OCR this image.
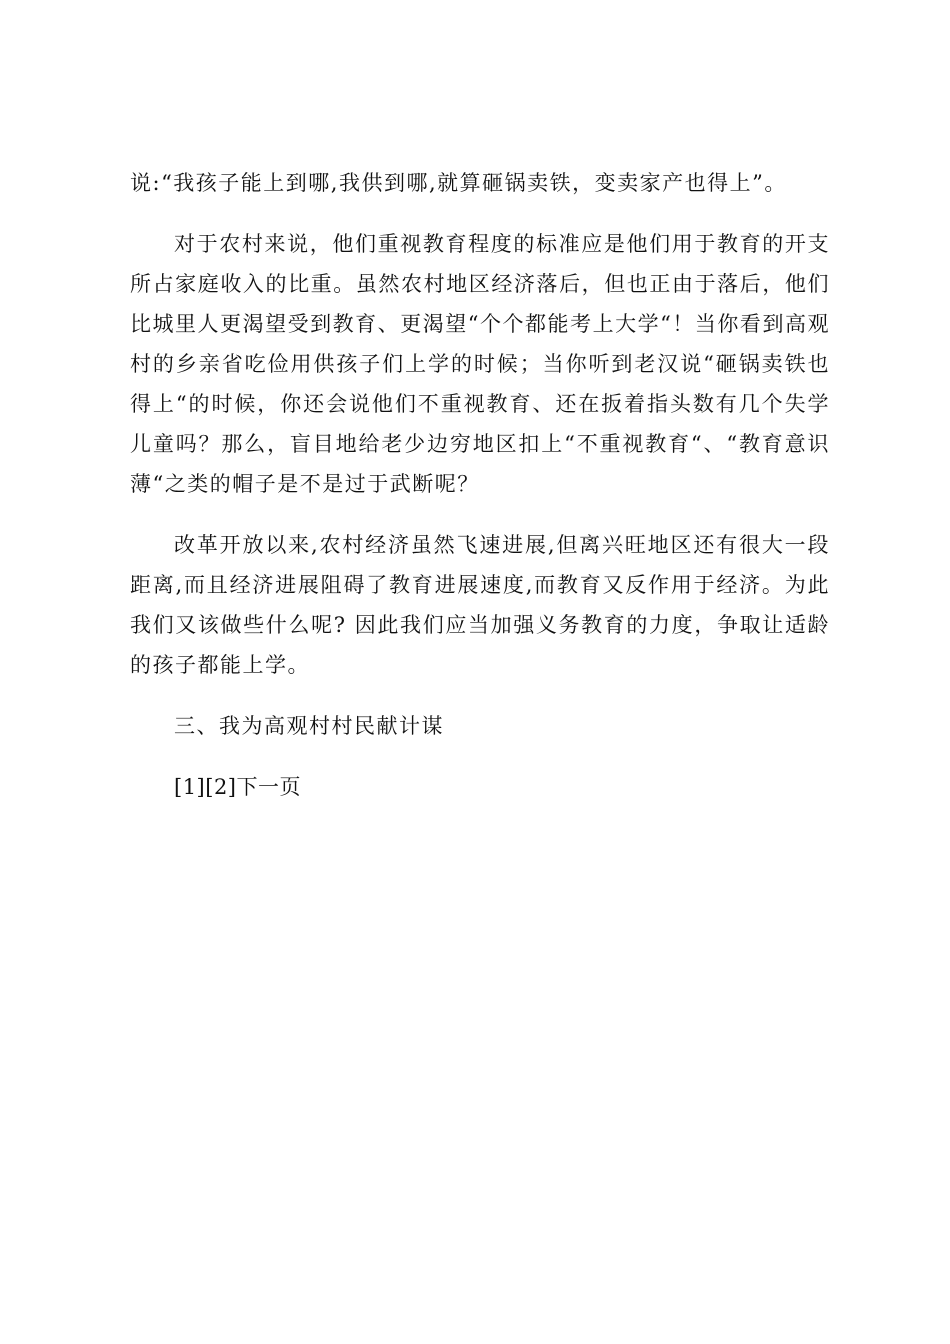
说:“我孩子能上到哪,我供到哪,就算砸锅卖铁，变卖家产也得上”。

对于农村来说，他们重视教育程度的标准应是他们用于教育的开支所占家庭收入的比重。虽然农村地区经济落后，但也正由于落后，他们比城里人更渴望受到教育、更渴望“个个都能考上大学“！当你看到高观村的乡亲省吃俭用供孩子们上学的时候；当你听到老汉说“砸锅卖铁也得上“的时候，你还会说他们不重视教育、还在扳着指头数有几个失学儿童吗？那么，盲目地给老少边穷地区扣上“不重视教育“、“教育意识薄“之类的帽子是不是过于武断呢？

改革开放以来,农村经济虽然飞速进展,但离兴旺地区还有很大一段距离,而且经济进展阻碍了教育进展速度,而教育又反作用于经济。为此我们又该做些什么呢? 因此我们应当加强义务教育的力度，争取让适龄的孩子都能上学。

三、我为高观村村民献计谋

[1][2]下一页
